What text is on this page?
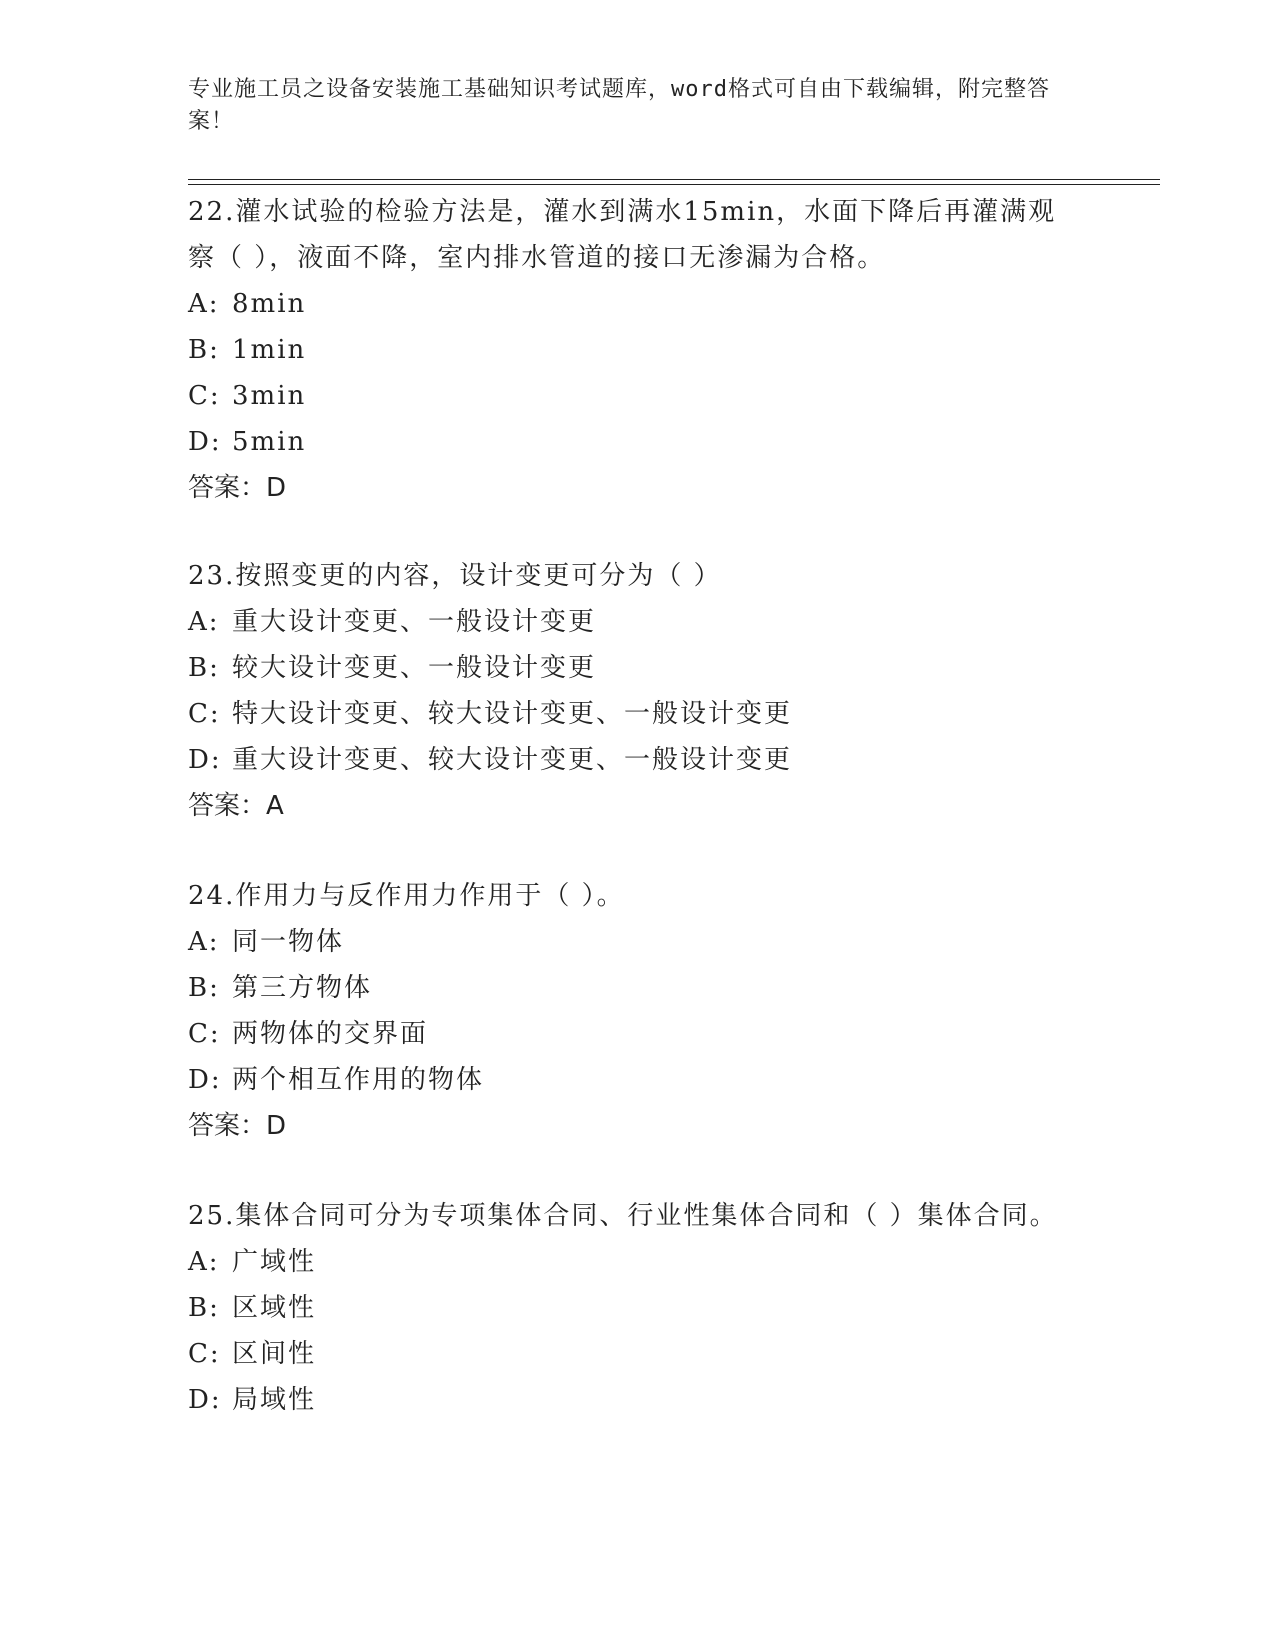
专业施工员之设备安装施工基础知识考试题库，word格式可自由下载编辑，附完整答案！

22.灌水试验的检验方法是，灌水到满水15min，水面下降后再灌满观察（ ），液面不降，室内排水管道的接口无渗漏为合格。

A: 8min

B: 1min

C: 3min

D: 5min

答案：D

23.按照变更的内容，设计变更可分为（ ）

A: 重大设计变更、一般设计变更

B: 较大设计变更、一般设计变更

C: 特大设计变更、较大设计变更、一般设计变更

D: 重大设计变更、较大设计变更、一般设计变更

答案：A

24.作用力与反作用力作用于（ ）。

A: 同一物体

B: 第三方物体

C: 两物体的交界面

D: 两个相互作用的物体

答案：D

25.集体合同可分为专项集体合同、行业性集体合同和（ ）集体合同。

A: 广域性

B: 区域性

C: 区间性

D: 局域性
